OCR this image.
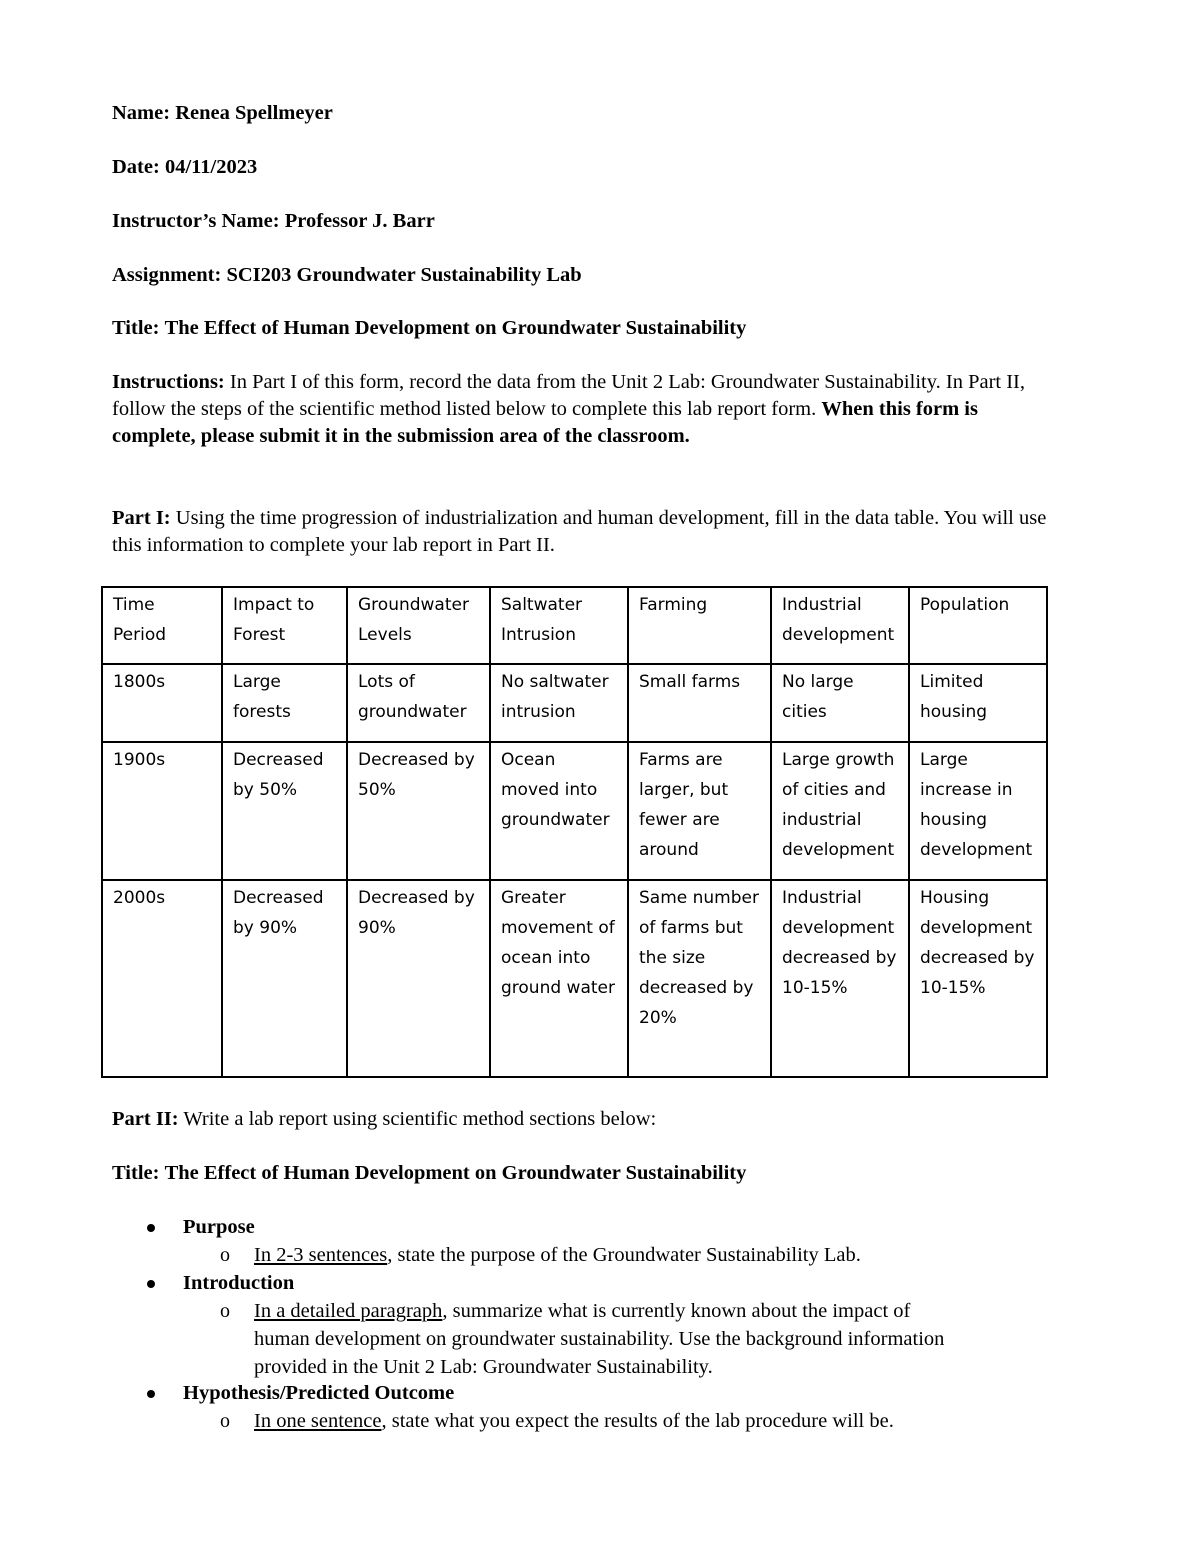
Name: Renea Spellmeyer
Date: 04/11/2023
Instructor’s Name: Professor J. Barr
Assignment: SCI203 Groundwater Sustainability Lab
Title: The Effect of Human Development on Groundwater Sustainability
Instructions: In Part I of this form, record the data from the Unit 2 Lab: Groundwater Sustainability. In Part II, follow the steps of the scientific method listed below to complete this lab report form. When this form is complete, please submit it in the submission area of the classroom.
Part I: Using the time progression of industrialization and human development, fill in the data table. You will use this information to complete your lab report in Part II.
Time Period	Impact to Forest	Groundwater Levels	Saltwater Intrusion	Farming	Industrial development	Population
1800s	Large forests	Lots of groundwater	No saltwater intrusion	Small farms	No large cities	Limited housing
1900s	Decreased by 50%	Decreased by 50%	Ocean moved into groundwater	Farms are larger, but fewer are around	Large growth of cities and industrial development	Large increase in housing development
2000s	Decreased by 90%	Decreased by 90%	Greater movement of ocean into ground water	Same number of farms but the size decreased by 20%	Industrial development decreased by 10-15%	Housing development decreased by 10-15%
Part II: Write a lab report using scientific method sections below:
Title: The Effect of Human Development on Groundwater Sustainability
Purpose
o In 2-3 sentences, state the purpose of the Groundwater Sustainability Lab.
Introduction
o In a detailed paragraph, summarize what is currently known about the impact of
human development on groundwater sustainability. Use the background information
provided in the Unit 2 Lab: Groundwater Sustainability.
Hypothesis/Predicted Outcome
o In one sentence, state what you expect the results of the lab procedure will be.
